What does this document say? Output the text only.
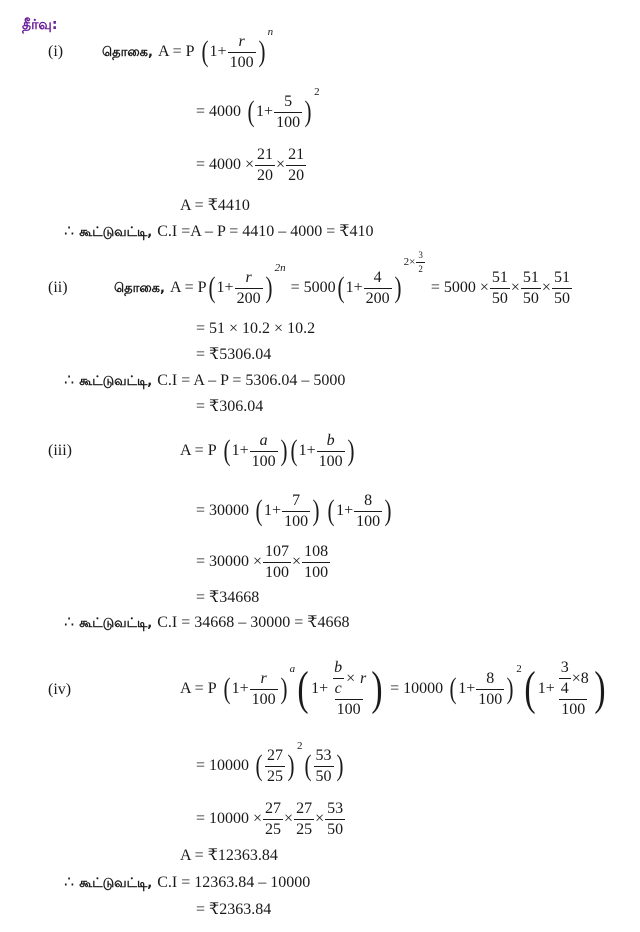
தீர்வு:
(i)	தொகை, A = P ( $1+ \frac{r}{100}$ )
n
= 4000 ( $1+ \frac{5}{100}$ )
2
= $4000 \times \frac{21}{20} \times \frac{21}{20}$
A = ₹4410
∴ கூட்டுவட்டி, C.I =A – P = 4410 – 4000 = ₹410
(ii)	தொகை, A = P ( $1+ \frac{r}{200}$ )
2n
= 5000 ( $1+ \frac{4}{200}$ )
$2\times \frac{3}{2}$
= $5000 \times \frac{51}{50} \times \frac{51}{50} \times \frac{51}{50}$
= 51 × 10.2 × 10.2
= ₹5306.04
∴ கூட்டுவட்டி, C.I = A – P = 5306.04 – 5000
= ₹306.04
(iii)	A = P ( $1+ \frac{a}{100}$ ) ( $1+ \frac{b}{100}$ )
= 30000 ( $1+ \frac{7}{100}$ ) ( $1+ \frac{8}{100}$ )
= $30000 \times \frac{107}{100} \times \frac{108}{100}$
= ₹34668
∴ கூட்டுவட்டி, C.I = 34668 – 30000 = ₹4668
(iv)	A = P ( $1+ \frac{r}{100}$ )
a ( $1+ \frac{\frac{b}{c} \times r}{100}$ ) = 10000 ( $1+ \frac{8}{100}$ )
2 ( $1+ \frac{\frac{3}{4} \times 8}{100}$ )
= 10000 ( $\frac{27}{25}$ )
2
( $\frac{53}{50}$ )
= $10000 \times \frac{27}{25} \times \frac{27}{25} \times \frac{53}{50}$
A = ₹12363.84
∴ கூட்டுவட்டி, C.I = 12363.84 – 10000
= ₹2363.84
